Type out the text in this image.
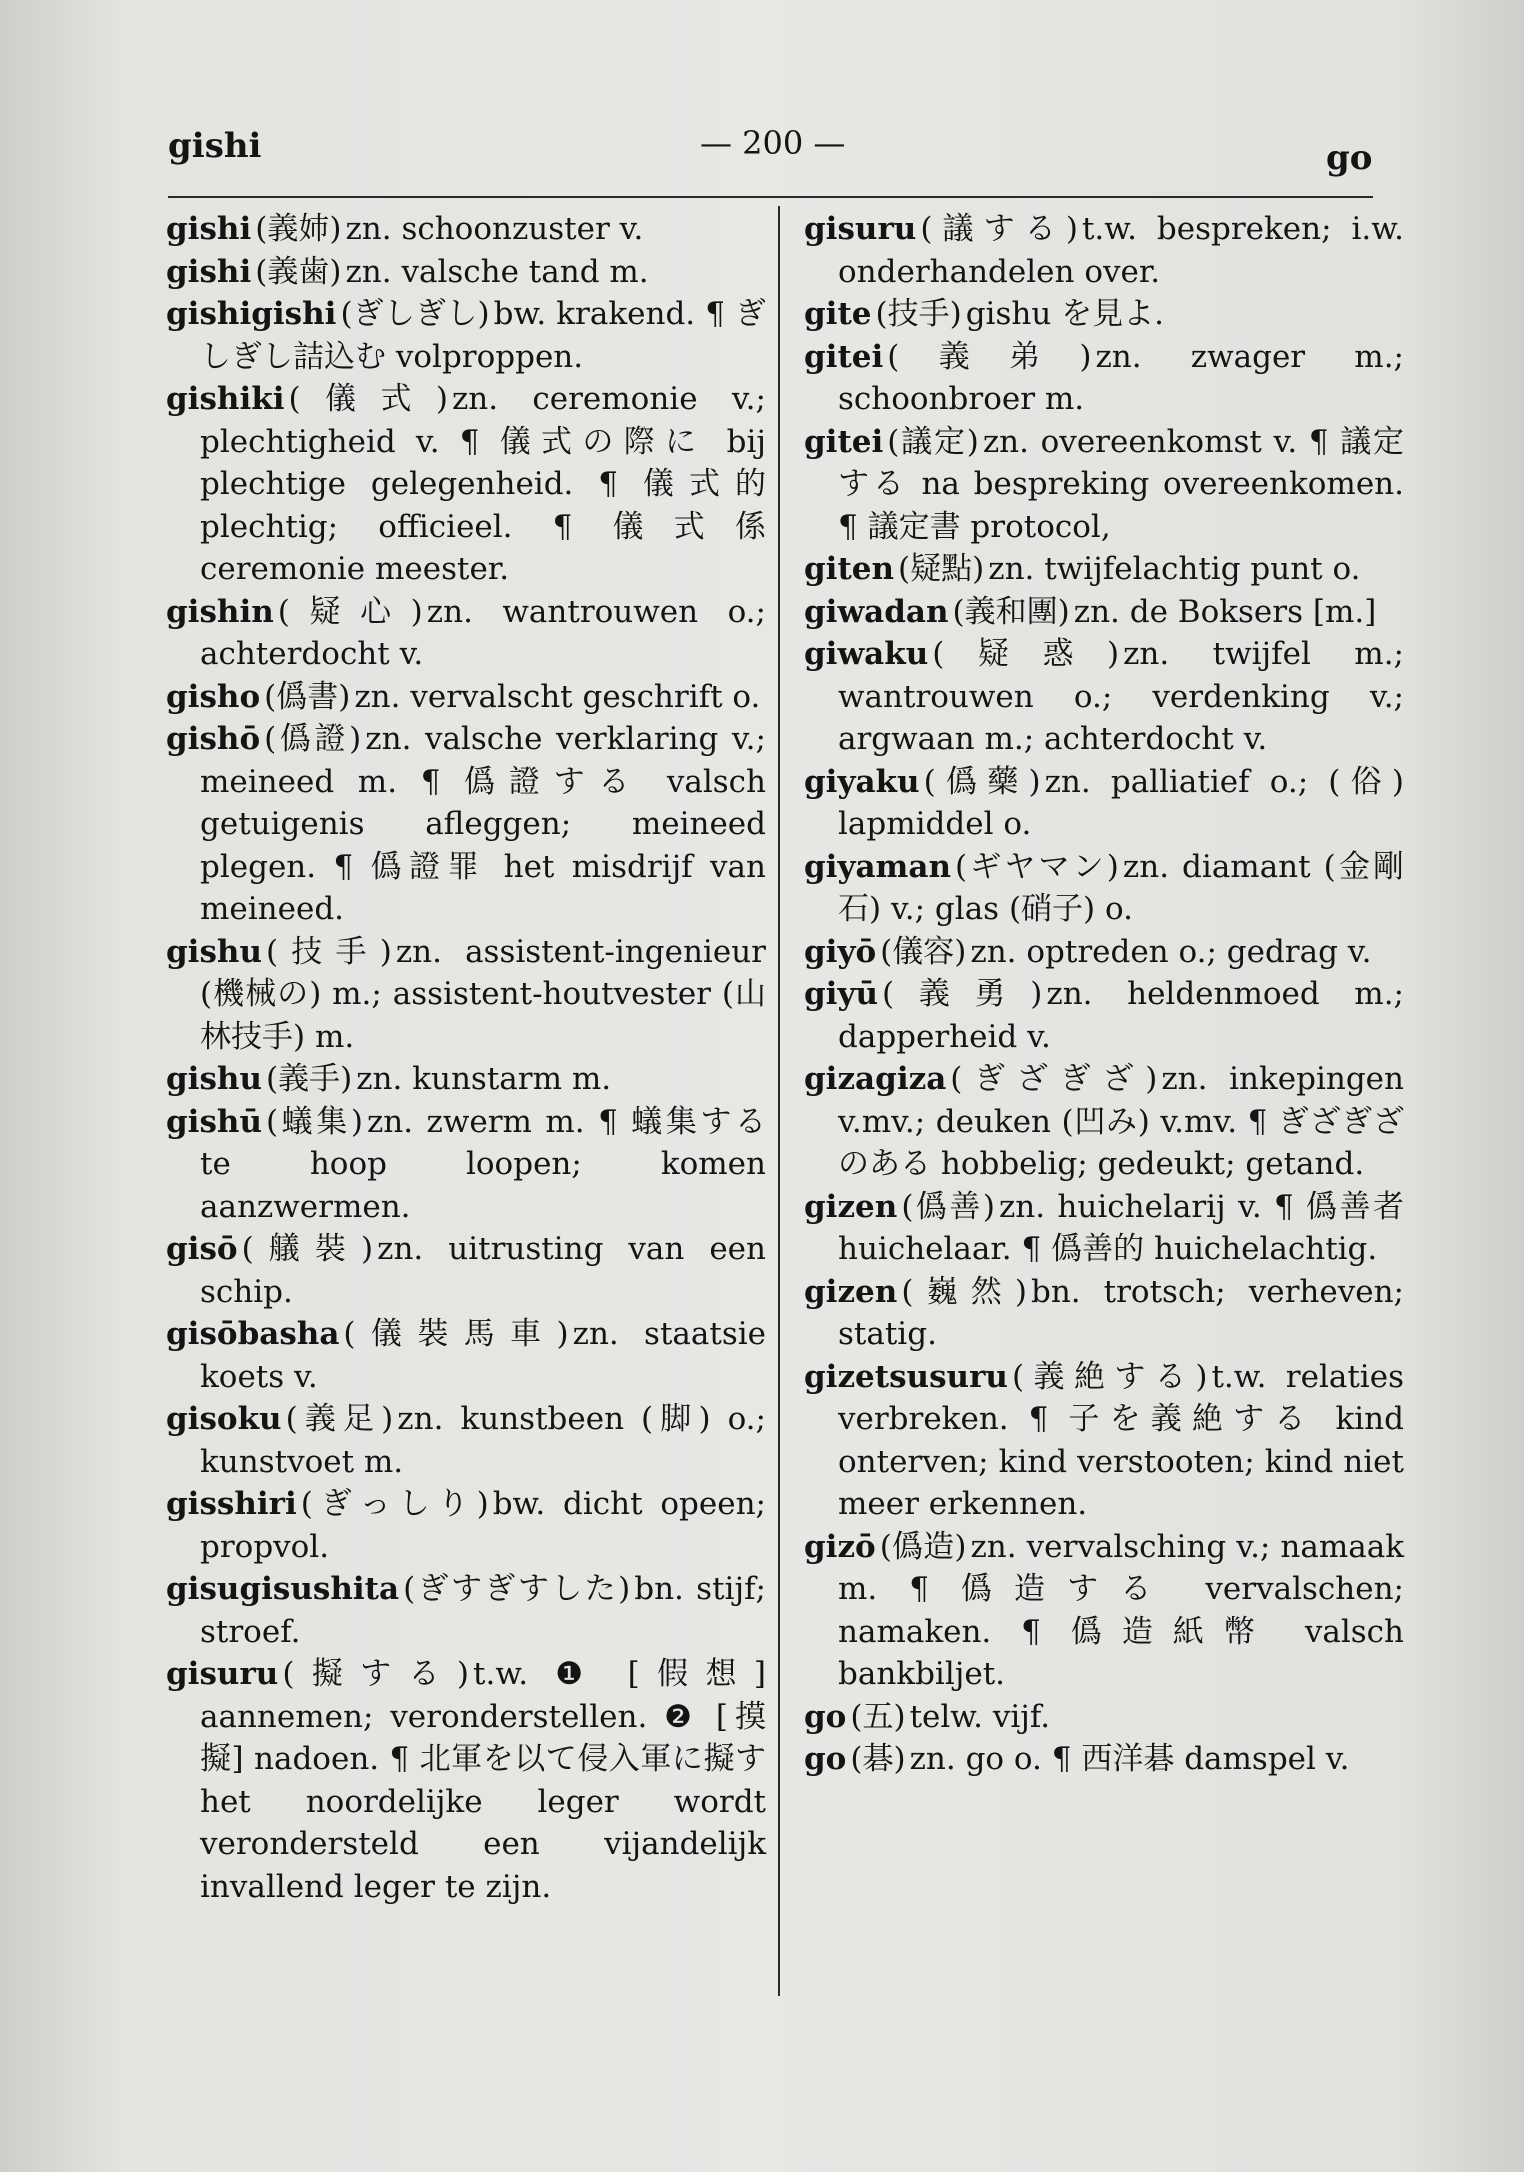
gishi	— 200 —	go

gishi (義姉) zn. schoonzuster v.

gishi (義歯) zn. valsche tand m.

gishigishi (ぎしぎし) bw. krakend. ¶ ぎしぎし詰込む volproppen.

gishiki (儀式) zn. ceremonie v.; plechtigheid v. ¶ 儀式の際に bij plechtige gelegenheid. ¶ 儀式的 plechtig; officieel. ¶ 儀式係 ceremonie meester.

gishin (疑心) zn. wantrouwen o.; achterdocht v.

gisho (僞書) zn. vervalscht geschrift o.

gishō (僞證) zn. valsche verklaring v.; meineed m. ¶ 僞證する valsch getuigenis afleggen; meineed plegen. ¶ 僞證罪 het misdrijf van meineed.

gishu (技手) zn. assistent-ingenieur (機械の) m.; assistent-houtvester (山林技手) m.

gishu (義手) zn. kunstarm m.

gishū (蟻集) zn. zwerm m. ¶ 蟻集する te hoop loopen; komen aanzwermen.

gisō (艤裝) zn. uitrusting van een schip.

gisōbasha (儀裝馬車) zn. staatsie koets v.

gisoku (義足) zn. kunstbeen (脚) o.; kunstvoet m.

gisshiri (ぎっしり) bw. dicht opeen; propvol.

gisugisushita (ぎすぎすした) bn. stijf; stroef.

gisuru (擬する) t.w. ❶ [假想] aannemen; veronderstellen. ❷ [摸擬] nadoen. ¶ 北軍を以て侵入軍に擬す het noordelijke leger wordt verondersteld een vijandelijk invallend leger te zijn.

gisuru (議する) t.w. bespreken; i.w. onderhandelen over.

gite (技手) gishu を見よ.

gitei (義弟) zn. zwager m.; schoonbroer m.

gitei (議定) zn. overeenkomst v. ¶ 議定する na bespreking overeenkomen. ¶ 議定書 protocol,

giten (疑點) zn. twijfelachtig punt o.

giwadan (義和團) zn. de Boksers [m.]

giwaku (疑惑) zn. twijfel m.; wantrouwen o.; verdenking v.; argwaan m.; achterdocht v.

giyaku (僞藥) zn. palliatief o.; (俗) lapmiddel o.

giyaman (ギヤマン) zn. diamant (金剛石) v.; glas (硝子) o.

giyō (儀容) zn. optreden o.; gedrag v.

giyū (義勇) zn. heldenmoed m.; dapperheid v.

gizagiza (ぎざぎざ) zn. inkepingen v.mv.; deuken (凹み) v.mv. ¶ ぎざぎざのある hobbelig; gedeukt; getand.

gizen (僞善) zn. huichelarij v. ¶ 僞善者 huichelaar. ¶ 僞善的 huichelachtig.

gizen (巍然) bn. trotsch; verheven; statig.

gizetsusuru (義絶する) t.w. relaties verbreken. ¶ 子を義絶する kind onterven; kind verstooten; kind niet meer erkennen.

gizō (僞造) zn. vervalsching v.; namaak m. ¶ 僞造する vervalschen; namaken. ¶ 僞造紙幣 valsch bankbiljet.

go (五) telw. vijf.

go (碁) zn. go o. ¶ 西洋碁 damspel v.
